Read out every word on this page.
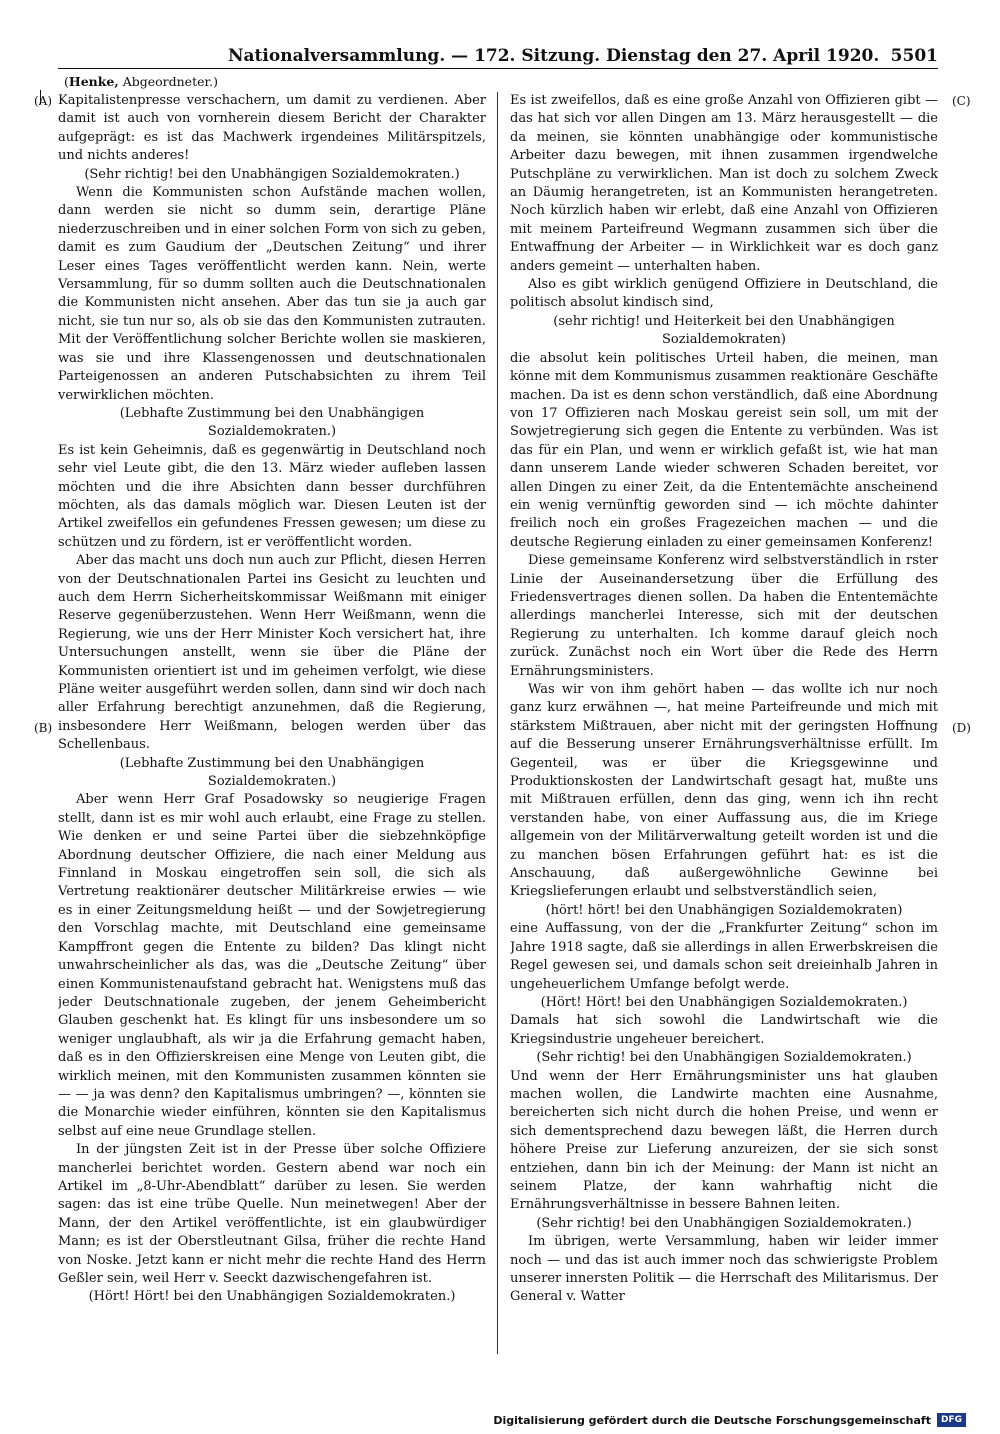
Nationalversammlung. — 172. Sitzung. Dienstag den 27. April 1920. 5501
(Henke, Abgeordneter.)
(A)
(B)
(C)
(D)

Kapitalistenpresse verschachern, um damit zu verdienen. Aber damit ist auch von vornherein diesem Bericht der Charakter aufgeprägt: es ist das Machwerk irgendeines Militärspitzels, und nichts anderes!

(Sehr richtig! bei den Unabhängigen Sozialdemokraten.)

Wenn die Kommunisten schon Aufstände machen wollen, dann werden sie nicht so dumm sein, derartige Pläne niederzuschreiben und in einer solchen Form von sich zu geben, damit es zum Gaudium der „Deutschen Zeitung“ und ihrer Leser eines Tages veröffentlicht werden kann. Nein, werte Versammlung, für so dumm sollten auch die Deutschnationalen die Kommunisten nicht ansehen. Aber das tun sie ja auch gar nicht, sie tun nur so, als ob sie das den Kommunisten zutrauten. Mit der Veröffentlichung solcher Berichte wollen sie maskieren, was sie und ihre Klassengenossen und deutschnationalen Parteigenossen an anderen Putschabsichten zu ihrem Teil verwirklichen möchten.

(Lebhafte Zustimmung bei den Unabhängigen Sozialdemokraten.)

Es ist kein Geheimnis, daß es gegenwärtig in Deutschland noch sehr viel Leute gibt, die den 13. März wieder aufleben lassen möchten und die ihre Absichten dann besser durchführen möchten, als das damals möglich war. Diesen Leuten ist der Artikel zweifellos ein gefundenes Fressen gewesen; um diese zu schützen und zu fördern, ist er veröffentlicht worden.

Aber das macht uns doch nun auch zur Pflicht, diesen Herren von der Deutschnationalen Partei ins Gesicht zu leuchten und auch dem Herrn Sicherheitskommissar Weißmann mit einiger Reserve gegenüberzustehen. Wenn Herr Weißmann, wenn die Regierung, wie uns der Herr Minister Koch versichert hat, ihre Untersuchungen anstellt, wenn sie über die Pläne der Kommunisten orientiert ist und im geheimen verfolgt, wie diese Pläne weiter ausgeführt werden sollen, dann sind wir doch nach aller Erfahrung berechtigt anzunehmen, daß die Regierung, insbesondere Herr Weißmann, belogen werden über das Schellenbaus.

(Lebhafte Zustimmung bei den Unabhängigen Sozialdemokraten.)

Aber wenn Herr Graf Posadowsky so neugierige Fragen stellt, dann ist es mir wohl auch erlaubt, eine Frage zu stellen. Wie denken er und seine Partei über die siebzehnköpfige Abordnung deutscher Offiziere, die nach einer Meldung aus Finnland in Moskau eingetroffen sein soll, die sich als Vertretung reaktionärer deutscher Militärkreise erwies — wie es in einer Zeitungsmeldung heißt — und der Sowjetregierung den Vorschlag machte, mit Deutschland eine gemeinsame Kampffront gegen die Entente zu bilden? Das klingt nicht unwahrscheinlicher als das, was die „Deutsche Zeitung“ über einen Kommunistenaufstand gebracht hat. Wenigstens muß das jeder Deutschnationale zugeben, der jenem Geheimbericht Glauben geschenkt hat. Es klingt für uns insbesondere um so weniger unglaubhaft, als wir ja die Erfahrung gemacht haben, daß es in den Offizierskreisen eine Menge von Leuten gibt, die wirklich meinen, mit den Kommunisten zusammen könnten sie — — ja was denn? den Kapitalismus umbringen? —, könnten sie die Monarchie wieder einführen, könnten sie den Kapitalismus selbst auf eine neue Grundlage stellen.

In der jüngsten Zeit ist in der Presse über solche Offiziere mancherlei berichtet worden. Gestern abend war noch ein Artikel im „8-Uhr-Abendblatt“ darüber zu lesen. Sie werden sagen: das ist eine trübe Quelle. Nun meinetwegen! Aber der Mann, der den Artikel veröffentlichte, ist ein glaubwürdiger Mann; es ist der Oberstleutnant Gilsa, früher die rechte Hand von Noske. Jetzt kann er nicht mehr die rechte Hand des Herrn Geßler sein, weil Herr v. Seeckt dazwischengefahren ist.

(Hört! Hört! bei den Unabhängigen Sozialdemokraten.)

Es ist zweifellos, daß es eine große Anzahl von Offizieren gibt — das hat sich vor allen Dingen am 13. März herausgestellt — die da meinen, sie könnten unabhängige oder kommunistische Arbeiter dazu bewegen, mit ihnen zusammen irgendwelche Putschpläne zu verwirklichen. Man ist doch zu solchem Zweck an Däumig herangetreten, ist an Kommunisten herangetreten. Noch kürzlich haben wir erlebt, daß eine Anzahl von Offizieren mit meinem Parteifreund Wegmann zusammen sich über die Entwaffnung der Arbeiter — in Wirklichkeit war es doch ganz anders gemeint — unterhalten haben.

Also es gibt wirklich genügend Offiziere in Deutschland, die politisch absolut kindisch sind,

(sehr richtig! und Heiterkeit bei den Unabhängigen Sozialdemokraten)

die absolut kein politisches Urteil haben, die meinen, man könne mit dem Kommunismus zusammen reaktionäre Geschäfte machen. Da ist es denn schon verständlich, daß eine Abordnung von 17 Offizieren nach Moskau gereist sein soll, um mit der Sowjetregierung sich gegen die Entente zu verbünden. Was ist das für ein Plan, und wenn er wirklich gefaßt ist, wie hat man dann unserem Lande wieder schweren Schaden bereitet, vor allen Dingen zu einer Zeit, da die Ententemächte anscheinend ein wenig vernünftig geworden sind — ich möchte dahinter freilich noch ein großes Fragezeichen machen — und die deutsche Regierung einladen zu einer gemeinsamen Konferenz!

Diese gemeinsame Konferenz wird selbstverständlich in rster Linie der Auseinandersetzung über die Erfüllung des Friedensvertrages dienen sollen. Da haben die Ententemächte allerdings mancherlei Interesse, sich mit der deutschen Regierung zu unterhalten. Ich komme darauf gleich noch zurück. Zunächst noch ein Wort über die Rede des Herrn Ernährungsministers.

Was wir von ihm gehört haben — das wollte ich nur noch ganz kurz erwähnen —, hat meine Parteifreunde und mich mit stärkstem Mißtrauen, aber nicht mit der geringsten Hoffnung auf die Besserung unserer Ernährungsverhältnisse erfüllt. Im Gegenteil, was er über die Kriegsgewinne und Produktionskosten der Landwirtschaft gesagt hat, mußte uns mit Mißtrauen erfüllen, denn das ging, wenn ich ihn recht verstanden habe, von einer Auffassung aus, die im Kriege allgemein von der Militärverwaltung geteilt worden ist und die zu manchen bösen Erfahrungen geführt hat: es ist die Anschauung, daß außergewöhnliche Gewinne bei Kriegslieferungen erlaubt und selbstverständlich seien,

(hört! hört! bei den Unabhängigen Sozialdemokraten)

eine Auffassung, von der die „Frankfurter Zeitung“ schon im Jahre 1918 sagte, daß sie allerdings in allen Erwerbskreisen die Regel gewesen sei, und damals schon seit dreieinhalb Jahren in ungeheuerlichem Umfange befolgt werde.

(Hört! Hört! bei den Unabhängigen Sozialdemokraten.)

Damals hat sich sowohl die Landwirtschaft wie die Kriegsindustrie ungeheuer bereichert.

(Sehr richtig! bei den Unabhängigen Sozialdemokraten.)

Und wenn der Herr Ernährungsminister uns hat glauben machen wollen, die Landwirte machten eine Ausnahme, bereicherten sich nicht durch die hohen Preise, und wenn er sich dementsprechend dazu bewegen läßt, die Herren durch höhere Preise zur Lieferung anzureizen, der sie sich sonst entziehen, dann bin ich der Meinung: der Mann ist nicht an seinem Platze, der kann wahrhaftig nicht die Ernährungsverhältnisse in bessere Bahnen leiten.

(Sehr richtig! bei den Unabhängigen Sozialdemokraten.)

Im übrigen, werte Versammlung, haben wir leider immer noch — und das ist auch immer noch das schwierigste Problem unserer innersten Politik — die Herrschaft des Militarismus. Der General v. Watter

Digitalisierung gefördert durch die Deutsche Forschungsgemeinschaft	DFG
